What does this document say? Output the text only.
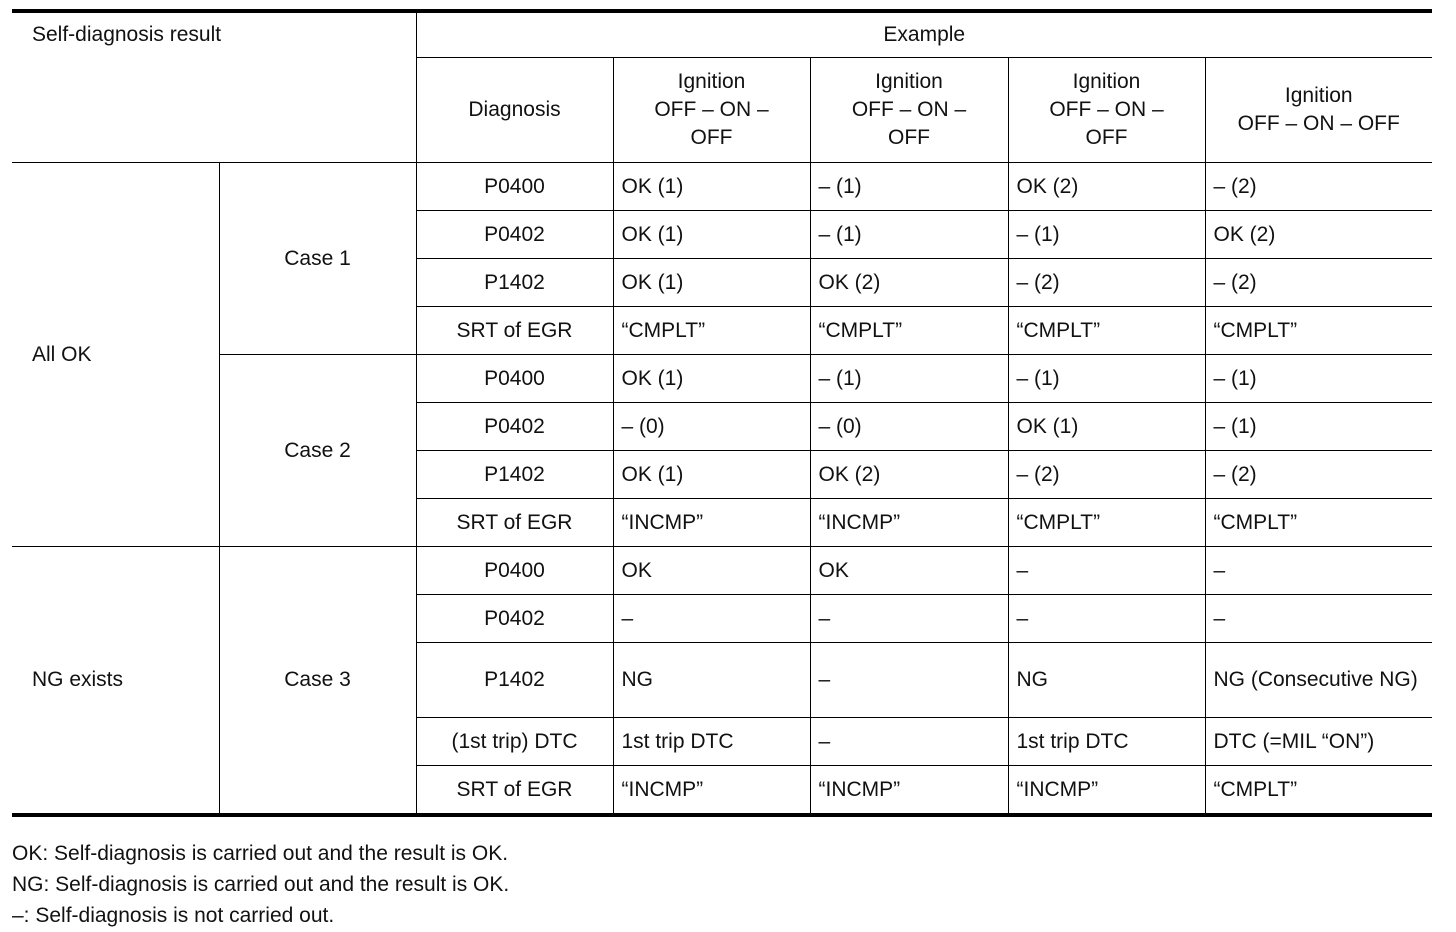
Self-diagnosis result		Example				
		Diagnosis	Ignition
OFF – ON –
OFF	Ignition
OFF – ON –
OFF	Ignition
OFF – ON –
OFF	Ignition
OFF – ON – OFF
All OK	Case 1	P0400	OK (1)	– (1)	OK (2)	– (2)
		P0402	OK (1)	– (1)	– (1)	OK (2)
		P1402	OK (1)	OK (2)	– (2)	– (2)
		SRT of EGR	“CMPLT”	“CMPLT”	“CMPLT”	“CMPLT”
	Case 2	P0400	OK (1)	– (1)	– (1)	– (1)
		P0402	– (0)	– (0)	OK (1)	– (1)
		P1402	OK (1)	OK (2)	– (2)	– (2)
		SRT of EGR	“INCMP”	“INCMP”	“CMPLT”	“CMPLT”
NG exists	Case 3	P0400	OK	OK	–	–
		P0402	–	–	–	–
		P1402	NG	–	NG	NG (Consecutive NG)
		(1st trip) DTC	1st trip DTC	–	1st trip DTC	DTC (=MIL “ON”)
		SRT of EGR	“INCMP”	“INCMP”	“INCMP”	“CMPLT”
OK: Self-diagnosis is carried out and the result is OK.
NG: Self-diagnosis is carried out and the result is OK.
–: Self-diagnosis is not carried out.
